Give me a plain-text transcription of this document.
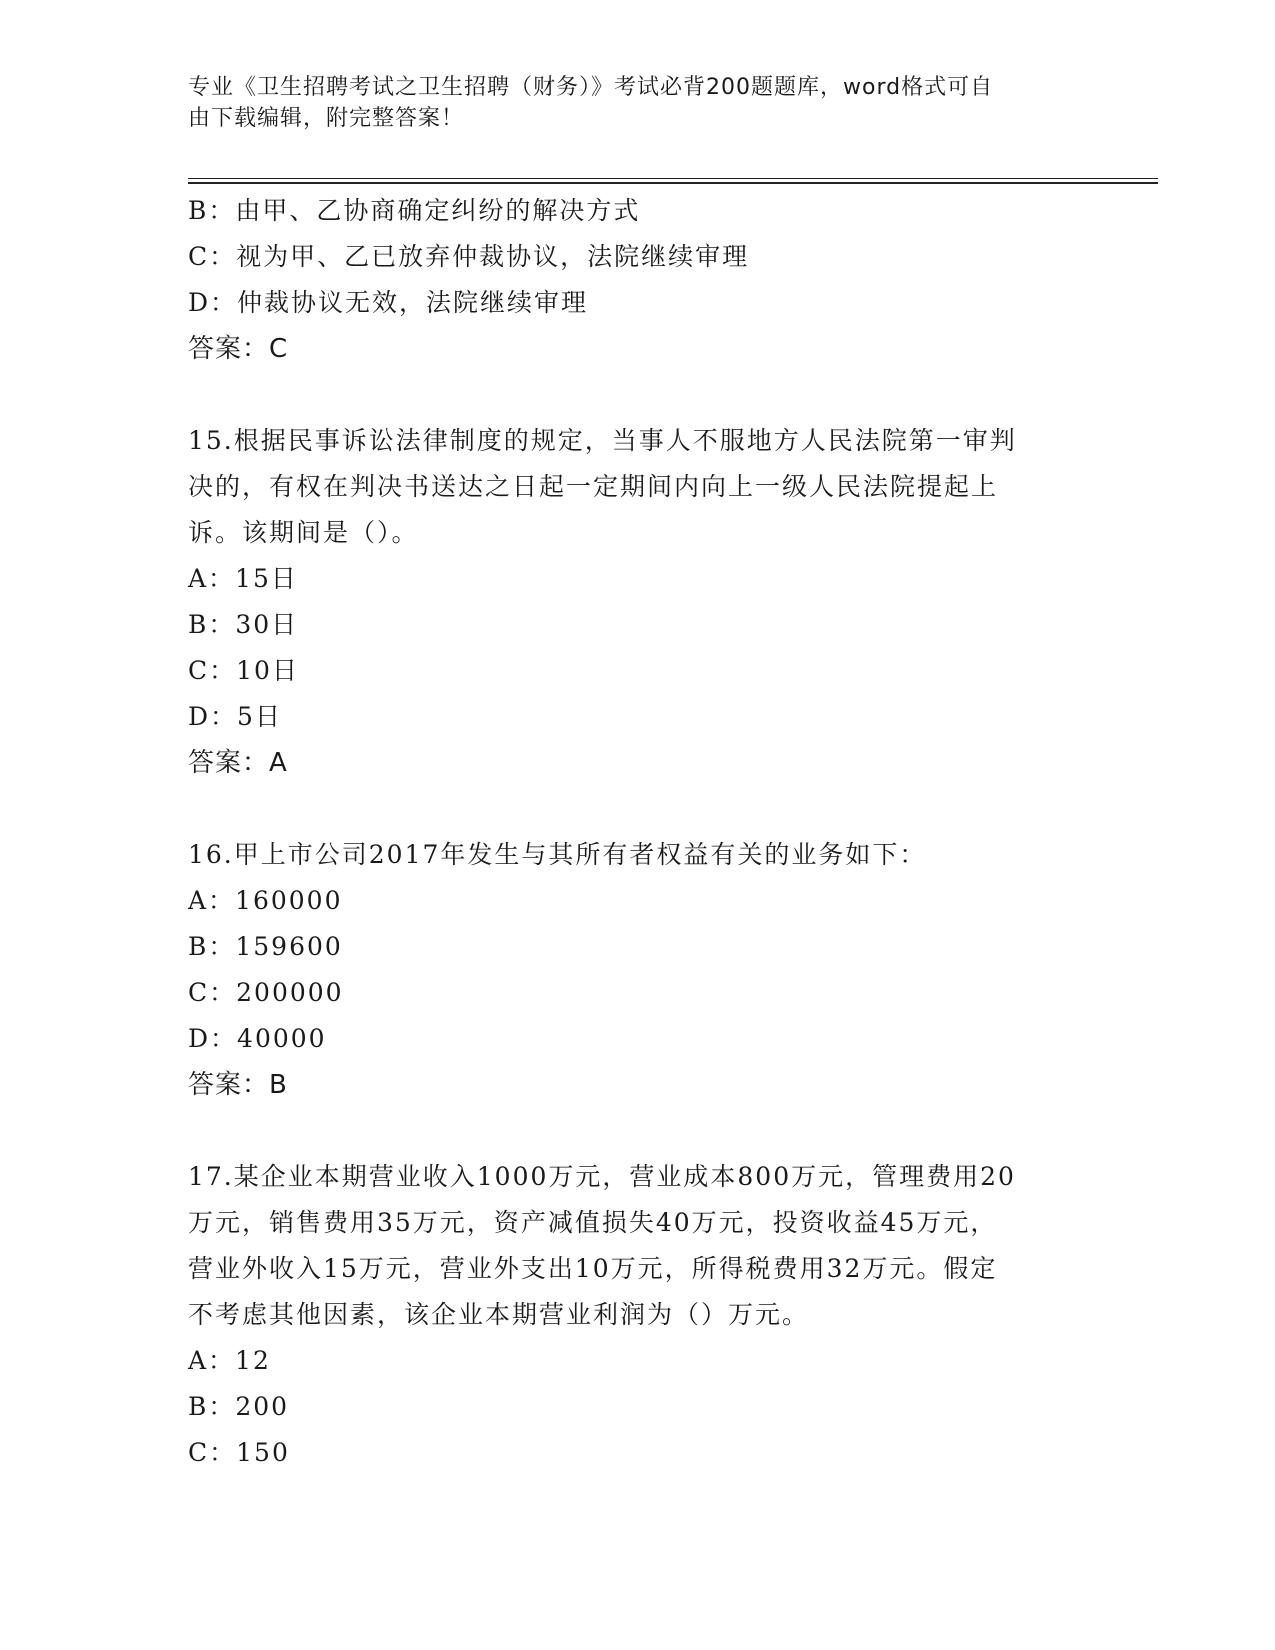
专业《卫生招聘考试之卫生招聘（财务）》考试必背200题题库，word格式可自
由下载编辑，附完整答案！
B：由甲、乙协商确定纠纷的解决方式
C：视为甲、乙已放弃仲裁协议，法院继续审理
D：仲裁协议无效，法院继续审理
答案：C
15.根据民事诉讼法律制度的规定，当事人不服地方人民法院第一审判
决的，有权在判决书送达之日起一定期间内向上一级人民法院提起上
诉。该期间是（）。
A：15日
B：30日
C：10日
D：5日
答案：A
16.甲上市公司2017年发生与其所有者权益有关的业务如下：
A：160000
B：159600
C：200000
D：40000
答案：B
17.某企业本期营业收入1000万元，营业成本800万元，管理费用20
万元，销售费用35万元，资产减值损失40万元，投资收益45万元，
营业外收入15万元，营业外支出10万元，所得税费用32万元。假定
不考虑其他因素，该企业本期营业利润为（）万元。
A：12
B：200
C：150
